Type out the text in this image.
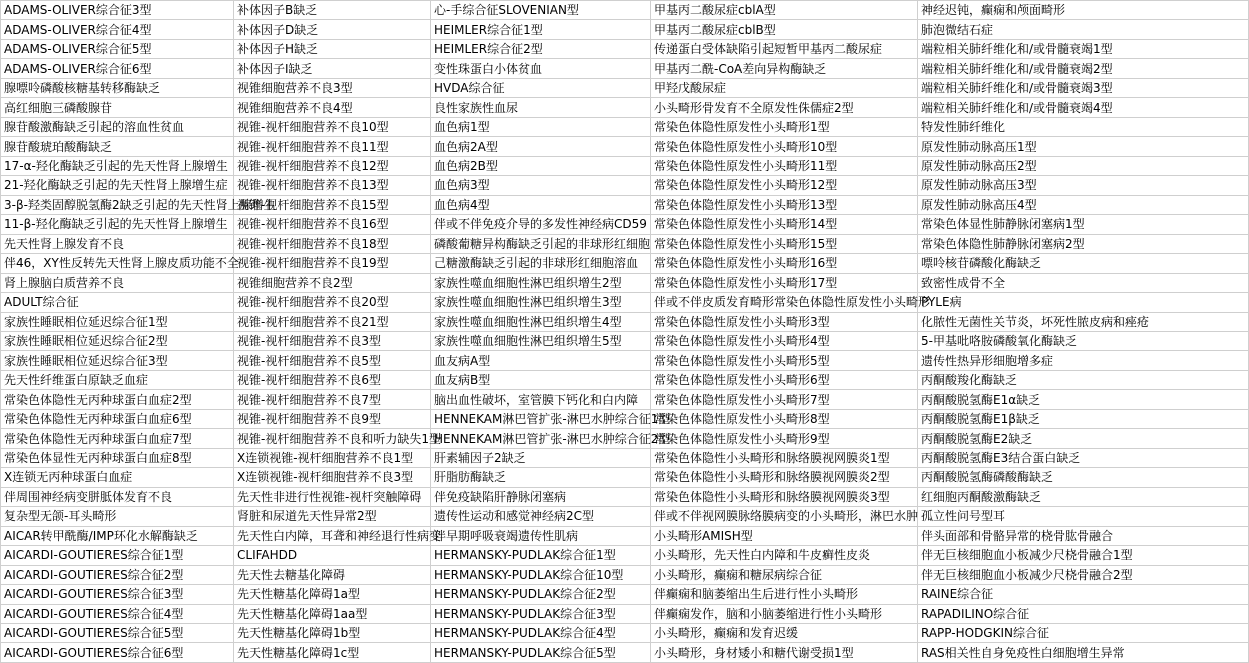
ADAMS-OLIVER综合征3型	补体因子B缺乏	心-手综合征SLOVENIAN型	甲基丙二酸尿症cblA型	神经迟钝，癫痫和颅面畸形
ADAMS-OLIVER综合征4型	补体因子D缺乏	HEIMLER综合征1型	甲基丙二酸尿症cblB型	肺泡微结石症
ADAMS-OLIVER综合征5型	补体因子H缺乏	HEIMLER综合征2型	传递蛋白受体缺陷引起短暂甲基丙二酸尿症	端粒相关肺纤维化和/或骨髓衰竭1型
ADAMS-OLIVER综合征6型	补体因子I缺乏	变性珠蛋白小体贫血	甲基丙二酰-CoA差向异构酶缺乏	端粒相关肺纤维化和/或骨髓衰竭2型
腺嘌呤磷酸核糖基转移酶缺乏	视锥细胞营养不良3型	HVDA综合征	甲羟戊酸尿症	端粒相关肺纤维化和/或骨髓衰竭3型
高红细胞三磷酸腺苷	视锥细胞营养不良4型	良性家族性血尿	小头畸形骨发育不全原发性侏儒症2型	端粒相关肺纤维化和/或骨髓衰竭4型
腺苷酸激酶缺乏引起的溶血性贫血	视锥-视杆细胞营养不良10型	血色病1型	常染色体隐性原发性小头畸形1型	特发性肺纤维化
腺苷酸琥珀酸酶缺乏	视锥-视杆细胞营养不良11型	血色病2A型	常染色体隐性原发性小头畸形10型	原发性肺动脉高压1型
17-α-羟化酶缺乏引起的先天性肾上腺增生	视锥-视杆细胞营养不良12型	血色病2B型	常染色体隐性原发性小头畸形11型	原发性肺动脉高压2型
21-羟化酶缺乏引起的先天性肾上腺增生症	视锥-视杆细胞营养不良13型	血色病3型	常染色体隐性原发性小头畸形12型	原发性肺动脉高压3型
3-β-羟类固醇脱氢酶2缺乏引起的先天性肾上腺增生	视锥-视杆细胞营养不良15型	血色病4型	常染色体隐性原发性小头畸形13型	原发性肺动脉高压4型
11-β-羟化酶缺乏引起的先天性肾上腺增生	视锥-视杆细胞营养不良16型	伴或不伴免疫介导的多发性神经病CD59	常染色体隐性原发性小头畸形14型	常染色体显性肺静脉闭塞病1型
先天性肾上腺发育不良	视锥-视杆细胞营养不良18型	磷酸葡糖异构酶缺乏引起的非球形红细胞	常染色体隐性原发性小头畸形15型	常染色体隐性肺静脉闭塞病2型
伴46，XY性反转先天性肾上腺皮质功能不全	视锥-视杆细胞营养不良19型	己糖激酶缺乏引起的非球形红细胞溶血	常染色体隐性原发性小头畸形16型	嘌呤核苷磷酸化酶缺乏
肾上腺脑白质营养不良	视锥细胞营养不良2型	家族性噬血细胞性淋巴组织增生2型	常染色体隐性原发性小头畸形17型	致密性成骨不全
ADULT综合征	视锥-视杆细胞营养不良20型	家族性噬血细胞性淋巴组织增生3型	伴或不伴皮质发育畸形常染色体隐性原发性小头畸形	PYLE病
家族性睡眠相位延迟综合征1型	视锥-视杆细胞营养不良21型	家族性噬血细胞性淋巴组织增生4型	常染色体隐性原发性小头畸形3型	化脓性无菌性关节炎，坏死性脓皮病和痤疮
家族性睡眠相位延迟综合征2型	视锥-视杆细胞营养不良3型	家族性噬血细胞性淋巴组织增生5型	常染色体隐性原发性小头畸形4型	5-甲基吡咯胺磷酸氧化酶缺乏
家族性睡眠相位延迟综合征3型	视锥-视杆细胞营养不良5型	血友病A型	常染色体隐性原发性小头畸形5型	遗传性热异形细胞增多症
先天性纤维蛋白原缺乏血症	视锥-视杆细胞营养不良6型	血友病B型	常染色体隐性原发性小头畸形6型	丙酮酸羧化酶缺乏
常染色体隐性无丙种球蛋白血症2型	视锥-视杆细胞营养不良7型	脑出血性破坏，室管膜下钙化和白内障	常染色体隐性原发性小头畸形7型	丙酮酸脱氢酶E1α缺乏
常染色体隐性无丙种球蛋白血症6型	视锥-视杆细胞营养不良9型	HENNEKAM淋巴管扩张-淋巴水肿综合征1型	常染色体隐性原发性小头畸形8型	丙酮酸脱氢酶E1β缺乏
常染色体隐性无丙种球蛋白血症7型	视锥-视杆细胞营养不良和听力缺失1型	HENNEKAM淋巴管扩张-淋巴水肿综合征2型	常染色体隐性原发性小头畸形9型	丙酮酸脱氢酶E2缺乏
常染色体显性无丙种球蛋白血症8型	X连锁视锥-视杆细胞营养不良1型	肝素辅因子2缺乏	常染色体隐性小头畸形和脉络膜视网膜炎1型	丙酮酸脱氢酶E3结合蛋白缺乏
X连锁无丙种球蛋白血症	X连锁视锥-视杆细胞营养不良3型	肝脂肪酶缺乏	常染色体隐性小头畸形和脉络膜视网膜炎2型	丙酮酸脱氢酶磷酸酶缺乏
伴周围神经病变胼胝体发育不良	先天性非进行性视锥-视杆突触障碍	伴免疫缺陷肝静脉闭塞病	常染色体隐性小头畸形和脉络膜视网膜炎3型	红细胞丙酮酸激酶缺乏
复杂型无颌-耳头畸形	肾脏和尿道先天性异常2型	遗传性运动和感觉神经病2C型	伴或不伴视网膜脉络膜病变的小头畸形，淋巴水肿	孤立性问号型耳
AICAR转甲酰酶/IMP环化水解酶缺乏	先天性白内障，耳聋和神经退行性病变	伴早期呼吸衰竭遗传性肌病	小头畸形AMISH型	伴头面部和骨骼异常的桡骨肱骨融合
AICARDI-GOUTIERES综合征1型	CLIFAHDD	HERMANSKY-PUDLAK综合征1型	小头畸形，先天性白内障和牛皮癣性皮炎	伴无巨核细胞血小板减少尺桡骨融合1型
AICARDI-GOUTIERES综合征2型	先天性去糖基化障碍	HERMANSKY-PUDLAK综合征10型	小头畸形，癫痫和糖尿病综合征	伴无巨核细胞血小板减少尺桡骨融合2型
AICARDI-GOUTIERES综合征3型	先天性糖基化障碍1a型	HERMANSKY-PUDLAK综合征2型	伴癫痫和脑萎缩出生后进行性小头畸形	RAINE综合征
AICARDI-GOUTIERES综合征4型	先天性糖基化障碍1aa型	HERMANSKY-PUDLAK综合征3型	伴癫痫发作，脑和小脑萎缩进行性小头畸形	RAPADILINO综合征
AICARDI-GOUTIERES综合征5型	先天性糖基化障碍1b型	HERMANSKY-PUDLAK综合征4型	小头畸形，癫痫和发育迟缓	RAPP-HODGKIN综合征
AICARDI-GOUTIERES综合征6型	先天性糖基化障碍1c型	HERMANSKY-PUDLAK综合征5型	小头畸形，身材矮小和糖代谢受损1型	RAS相关性自身免疫性白细胞增生异常
